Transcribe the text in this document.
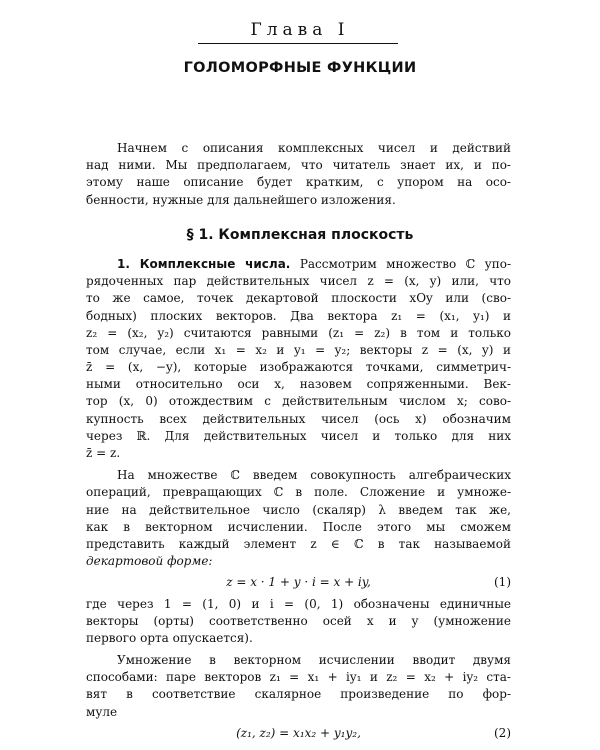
Глава I
ГОЛОМОРФНЫЕ ФУНКЦИИ
Начнем с описания комплексных чисел и действий
над ними. Мы предполагаем, что читатель знает их, и по-
этому наше описание будет кратким, с упором на осо-
бенности, нужные для дальнейшего изложения.
§ 1. Комплексная плоскость
1. Комплексные числа. Рассмотрим множество ℂ упо-
рядоченных пар действительных чисел z = (x, y) или, что
то же самое, точек декартовой плоскости xOy или (сво-
бодных) плоских векторов. Два вектора z₁ = (x₁, y₁) и
z₂ = (x₂, y₂) считаются равными (z₁ = z₂) в том и только
том случае, если x₁ = x₂ и y₁ = y₂; векторы z = (x, y) и
z̄ = (x, −y), которые изображаются точками, симметрич-
ными относительно оси x, назовем сопряженными. Век-
тор (x, 0) отождествим с действительным числом x; сово-
купность всех действительных чисел (ось x) обозначим
через ℝ. Для действительных чисел и только для них
z̄ = z.
На множестве ℂ введем совокупность алгебраических
операций, превращающих ℂ в поле. Сложение и умноже-
ние на действительное число (скаляр) λ введем так же,
как в векторном исчислении. После этого мы сможем
представить каждый элемент z ∈ ℂ в так называемой
декартовой форме:
z = x · 1 + y · i = x + iy,	(1)
где через 1 = (1, 0) и i = (0, 1) обозначены единичные
векторы (орты) соответственно осей x и y (умножение
первого орта опускается).
Умножение в векторном исчислении вводит двумя
способами: паре векторов z₁ = x₁ + iy₁ и z₂ = x₂ + iy₂ ста-
вят в соответствие скалярное произведение по фор-
муле
(z₁, z₂) = x₁x₂ + y₁y₂,	(2)
